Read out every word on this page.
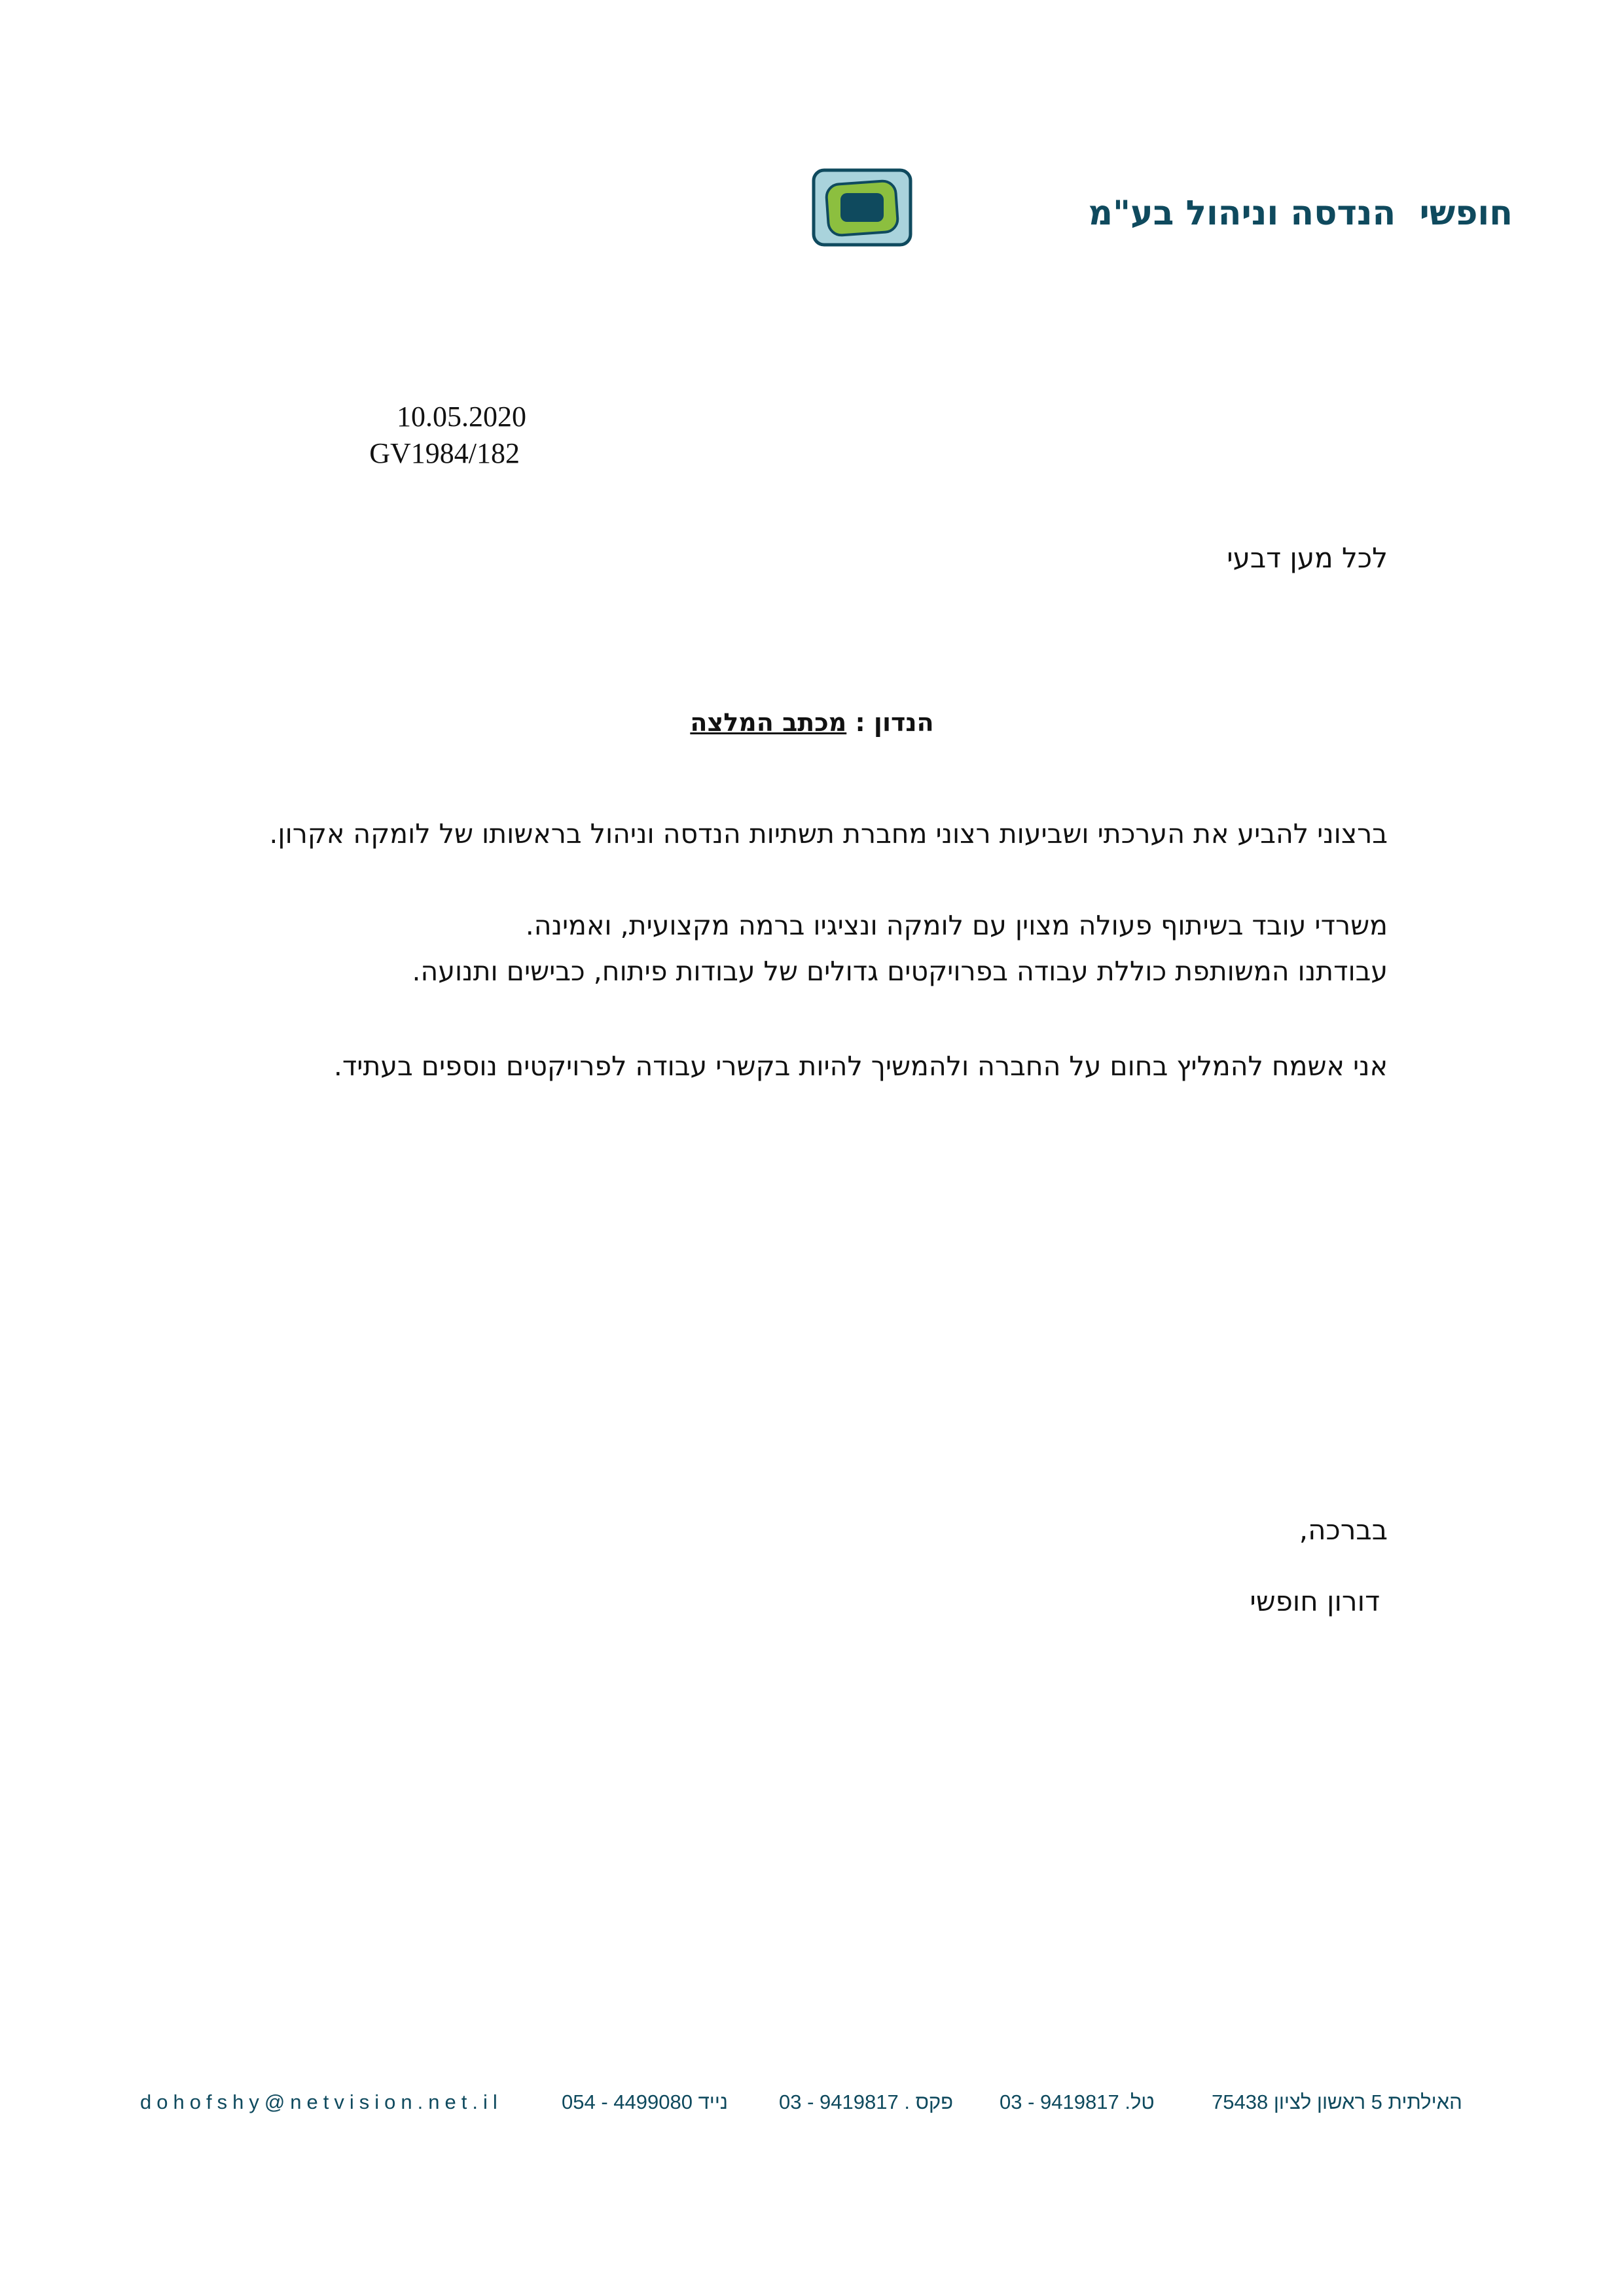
חופשי  הנדסה וניהול בע"מ
10.05.2020
GV1984/182
לכל מען דבעי
הנדון : מכתב המלצה
ברצוני להביע את הערכתי ושביעות רצוני מחברת תשתיות הנדסה וניהול בראשותו של לומקה אקרון.
משרדי עובד בשיתוף פעולה מצוין עם לומקה ונציגיו ברמה מקצועית, ואמינה.
עבודתנו המשותפת כוללת עבודה בפרויקטים גדולים של עבודות פיתוח, כבישים ותנועה.
אני אשמח להמליץ בחום על החברה ולהמשיך להיות בקשרי עבודה לפרויקטים נוספים בעתיד.
בברכה,
דורון חופשי
dohofshy@netvision.net.il	נייד 4499080 - 054	פקס . 9419817 - 03 טל. 9419817 - 03	האילתית 5 ראשון לציון 75438
